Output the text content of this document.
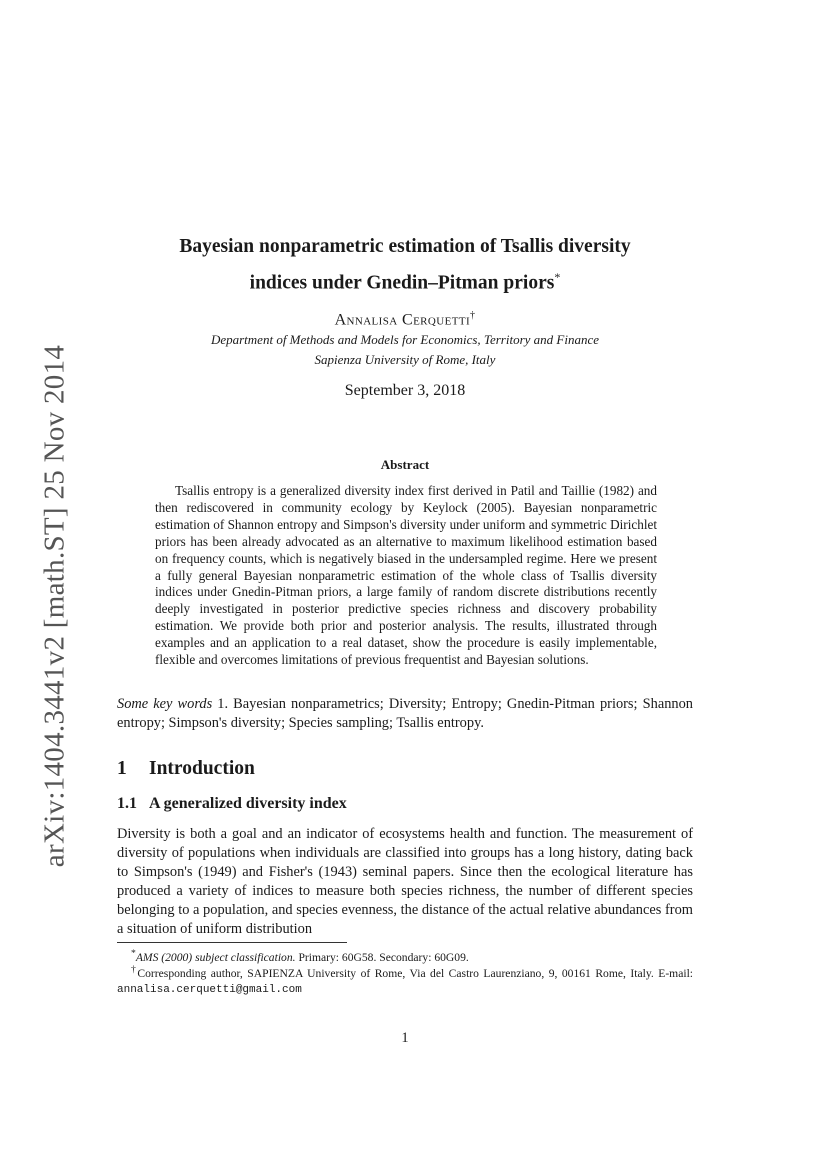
arXiv:1404.3441v2 [math.ST] 25 Nov 2014
Bayesian nonparametric estimation of Tsallis diversity
indices under Gnedin–Pitman priors*
Annalisa Cerquetti†
Department of Methods and Models for Economics, Territory and Finance
Sapienza University of Rome, Italy
September 3, 2018
Abstract

Tsallis entropy is a generalized diversity index first derived in Patil and Taillie (1982) and then rediscovered in community ecology by Keylock (2005). Bayesian nonparametric estimation of Shannon entropy and Simpson's diversity under uniform and symmetric Dirichlet priors has been already advocated as an alternative to maximum likelihood estimation based on frequency counts, which is negatively biased in the undersampled regime. Here we present a fully general Bayesian nonparametric estimation of the whole class of Tsallis diversity indices under Gnedin-Pitman priors, a large family of random discrete distributions recently deeply investigated in posterior predictive species richness and discovery probability estimation. We provide both prior and posterior analysis. The results, illustrated through examples and an application to a real dataset, show the procedure is easily implementable, flexible and overcomes limitations of previous frequentist and Bayesian solutions.

Some key words 1. Bayesian nonparametrics; Diversity; Entropy; Gnedin-Pitman priors; Shannon entropy; Simpson's diversity; Species sampling; Tsallis entropy.

1 Introduction
1.1 A generalized diversity index

Diversity is both a goal and an indicator of ecosystems health and function. The measurement of diversity of populations when individuals are classified into groups has a long history, dating back to Simpson's (1949) and Fisher's (1943) seminal papers. Since then the ecological literature has produced a variety of indices to measure both species richness, the number of different species belonging to a population, and species evenness, the distance of the actual relative abundances from a situation of uniform distribution

*AMS (2000) subject classification. Primary: 60G58. Secondary: 60G09.

†Corresponding author, SAPIENZA University of Rome, Via del Castro Laurenziano, 9, 00161 Rome, Italy. E-mail: annalisa.cerquetti@gmail.com

1
